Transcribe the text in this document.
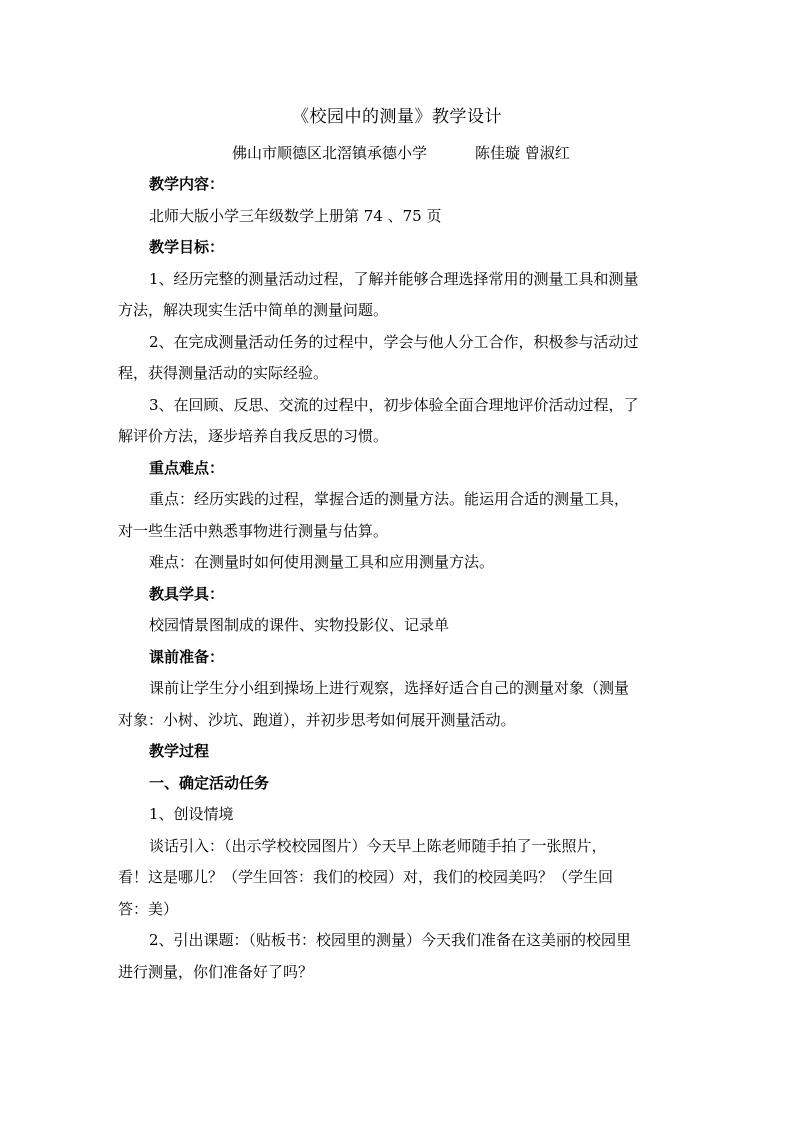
《校园中的测量》教学设计
佛山市顺德区北滘镇承德小学	陈佳璇 曾淑红
教学内容：
北师大版小学三年级数学上册第 74 、75 页
教学目标：
1、经历完整的测量活动过程，了解并能够合理选择常用的测量工具和测量
方法，解决现实生活中简单的测量问题。
2、在完成测量活动任务的过程中，学会与他人分工合作，积极参与活动过
程，获得测量活动的实际经验。
3、在回顾、反思、交流的过程中，初步体验全面合理地评价活动过程，了
解评价方法，逐步培养自我反思的习惯。
重点难点：
重点：经历实践的过程，掌握合适的测量方法。能运用合适的测量工具，
对一些生活中熟悉事物进行测量与估算。
难点：在测量时如何使用测量工具和应用测量方法。
教具学具：
校园情景图制成的课件、实物投影仪、记录单
课前准备：
课前让学生分小组到操场上进行观察，选择好适合自己的测量对象（测量
对象：小树、沙坑、跑道），并初步思考如何展开测量活动。
教学过程
一、确定活动任务
1、创设情境
谈话引入：（出示学校校园图片）今天早上陈老师随手拍了一张照片，
看！这是哪儿？（学生回答：我们的校园）对，我们的校园美吗？（学生回
答：美）
2、引出课题：（贴板书：校园里的测量）今天我们准备在这美丽的校园里
进行测量，你们准备好了吗？
